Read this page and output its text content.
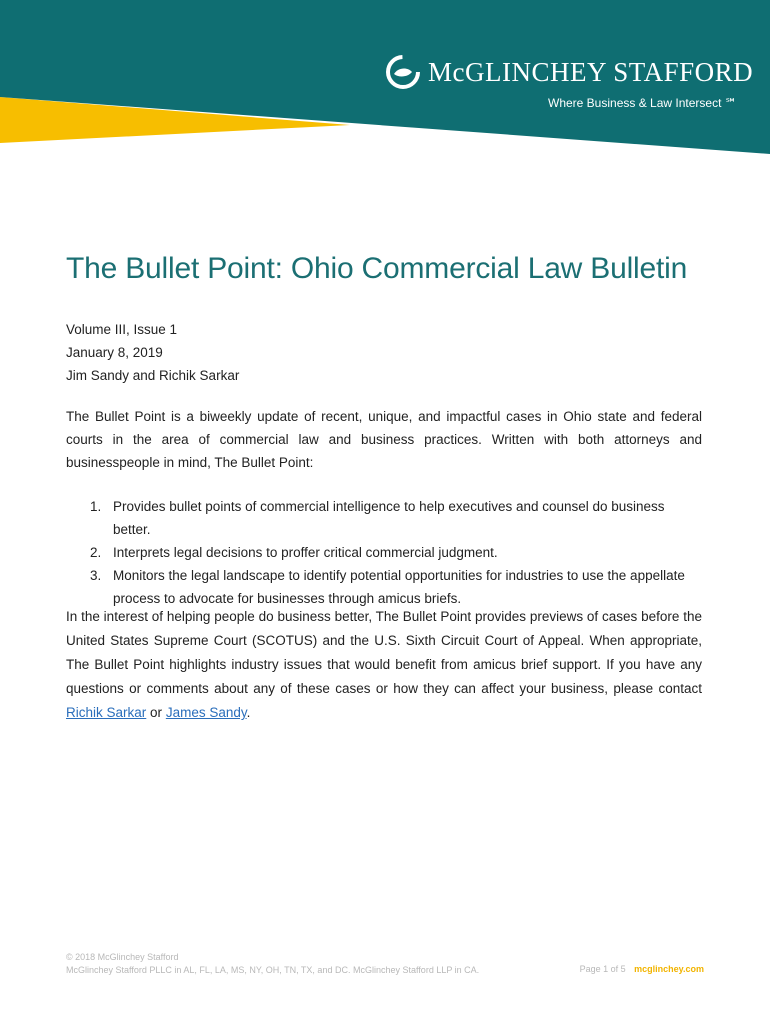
McGLINCHEY STAFFORD
Where Business & Law Intersect ℠
The Bullet Point: Ohio Commercial Law Bulletin
Volume III, Issue 1
January 8, 2019
Jim Sandy and Richik Sarkar

The Bullet Point is a biweekly update of recent, unique, and impactful cases in Ohio state and federal courts in the area of commercial law and business practices. Written with both attorneys and businesspeople in mind, The Bullet Point:

1. Provides bullet points of commercial intelligence to help executives and counsel do business better.
2. Interprets legal decisions to proffer critical commercial judgment.
3. Monitors the legal landscape to identify potential opportunities for industries to use the appellate process to advocate for businesses through amicus briefs.

In the interest of helping people do business better, The Bullet Point provides previews of cases before the United States Supreme Court (SCOTUS) and the U.S. Sixth Circuit Court of Appeal. When appropriate, The Bullet Point highlights industry issues that would benefit from amicus brief support. If you have any questions or comments about any of these cases or how they can affect your business, please contact Richik Sarkar or James Sandy.

© 2018 McGlinchey Stafford
McGlinchey Stafford PLLC in AL, FL, LA, MS, NY, OH, TN, TX, and DC. McGlinchey Stafford LLP in CA.	Page 1 of 5 mcglinchey.com
